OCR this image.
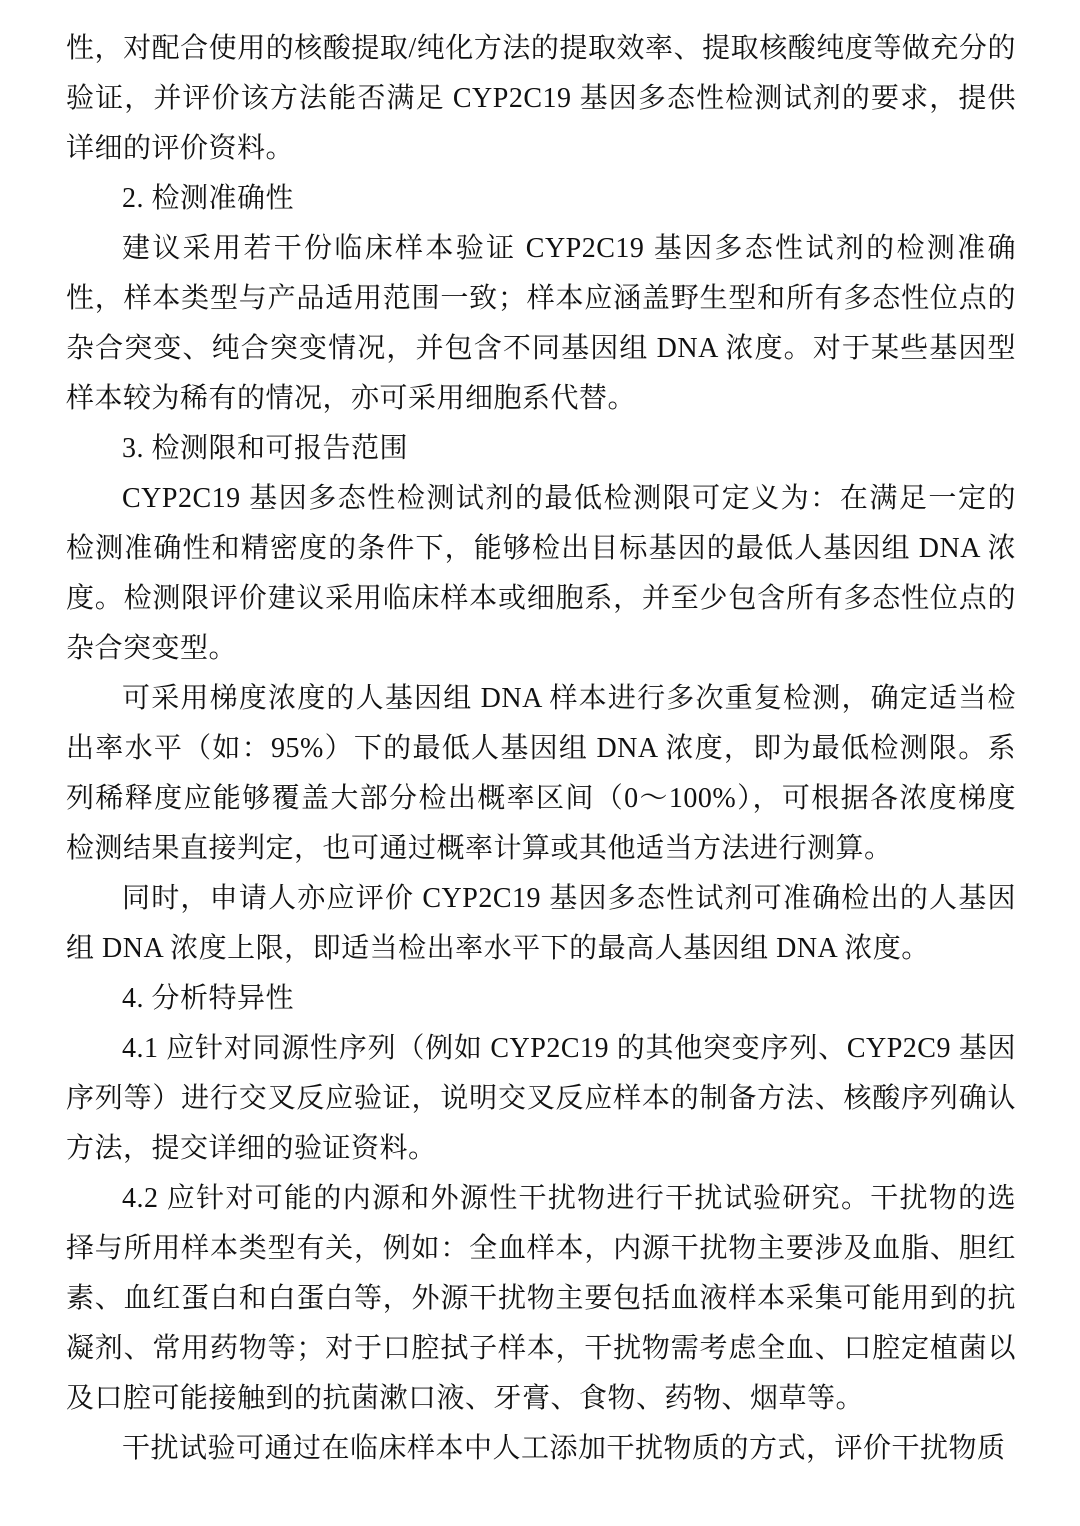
性，对配合使用的核酸提取/纯化方法的提取效率、提取核酸纯度等做充分的验证，并评价该方法能否满足 CYP2C19 基因多态性检测试剂的要求，提供详细的评价资料。

2. 检测准确性

建议采用若干份临床样本验证 CYP2C19 基因多态性试剂的检测准确性，样本类型与产品适用范围一致；样本应涵盖野生型和所有多态性位点的杂合突变、纯合突变情况，并包含不同基因组 DNA 浓度。对于某些基因型样本较为稀有的情况，亦可采用细胞系代替。

3. 检测限和可报告范围

CYP2C19 基因多态性检测试剂的最低检测限可定义为：在满足一定的检测准确性和精密度的条件下，能够检出目标基因的最低人基因组 DNA 浓度。检测限评价建议采用临床样本或细胞系，并至少包含所有多态性位点的杂合突变型。

可采用梯度浓度的人基因组 DNA 样本进行多次重复检测，确定适当检出率水平（如：95%）下的最低人基因组 DNA 浓度，即为最低检测限。系列稀释度应能够覆盖大部分检出概率区间（0～100%），可根据各浓度梯度检测结果直接判定，也可通过概率计算或其他适当方法进行测算。

同时，申请人亦应评价 CYP2C19 基因多态性试剂可准确检出的人基因组 DNA 浓度上限，即适当检出率水平下的最高人基因组 DNA 浓度。

4. 分析特异性

4.1 应针对同源性序列（例如 CYP2C19 的其他突变序列、CYP2C9 基因序列等）进行交叉反应验证，说明交叉反应样本的制备方法、核酸序列确认方法，提交详细的验证资料。

4.2 应针对可能的内源和外源性干扰物进行干扰试验研究。干扰物的选择与所用样本类型有关，例如：全血样本，内源干扰物主要涉及血脂、胆红素、血红蛋白和白蛋白等，外源干扰物主要包括血液样本采集可能用到的抗凝剂、常用药物等；对于口腔拭子样本，干扰物需考虑全血、口腔定植菌以及口腔可能接触到的抗菌漱口液、牙膏、食物、药物、烟草等。

干扰试验可通过在临床样本中人工添加干扰物质的方式，评价干扰物质
